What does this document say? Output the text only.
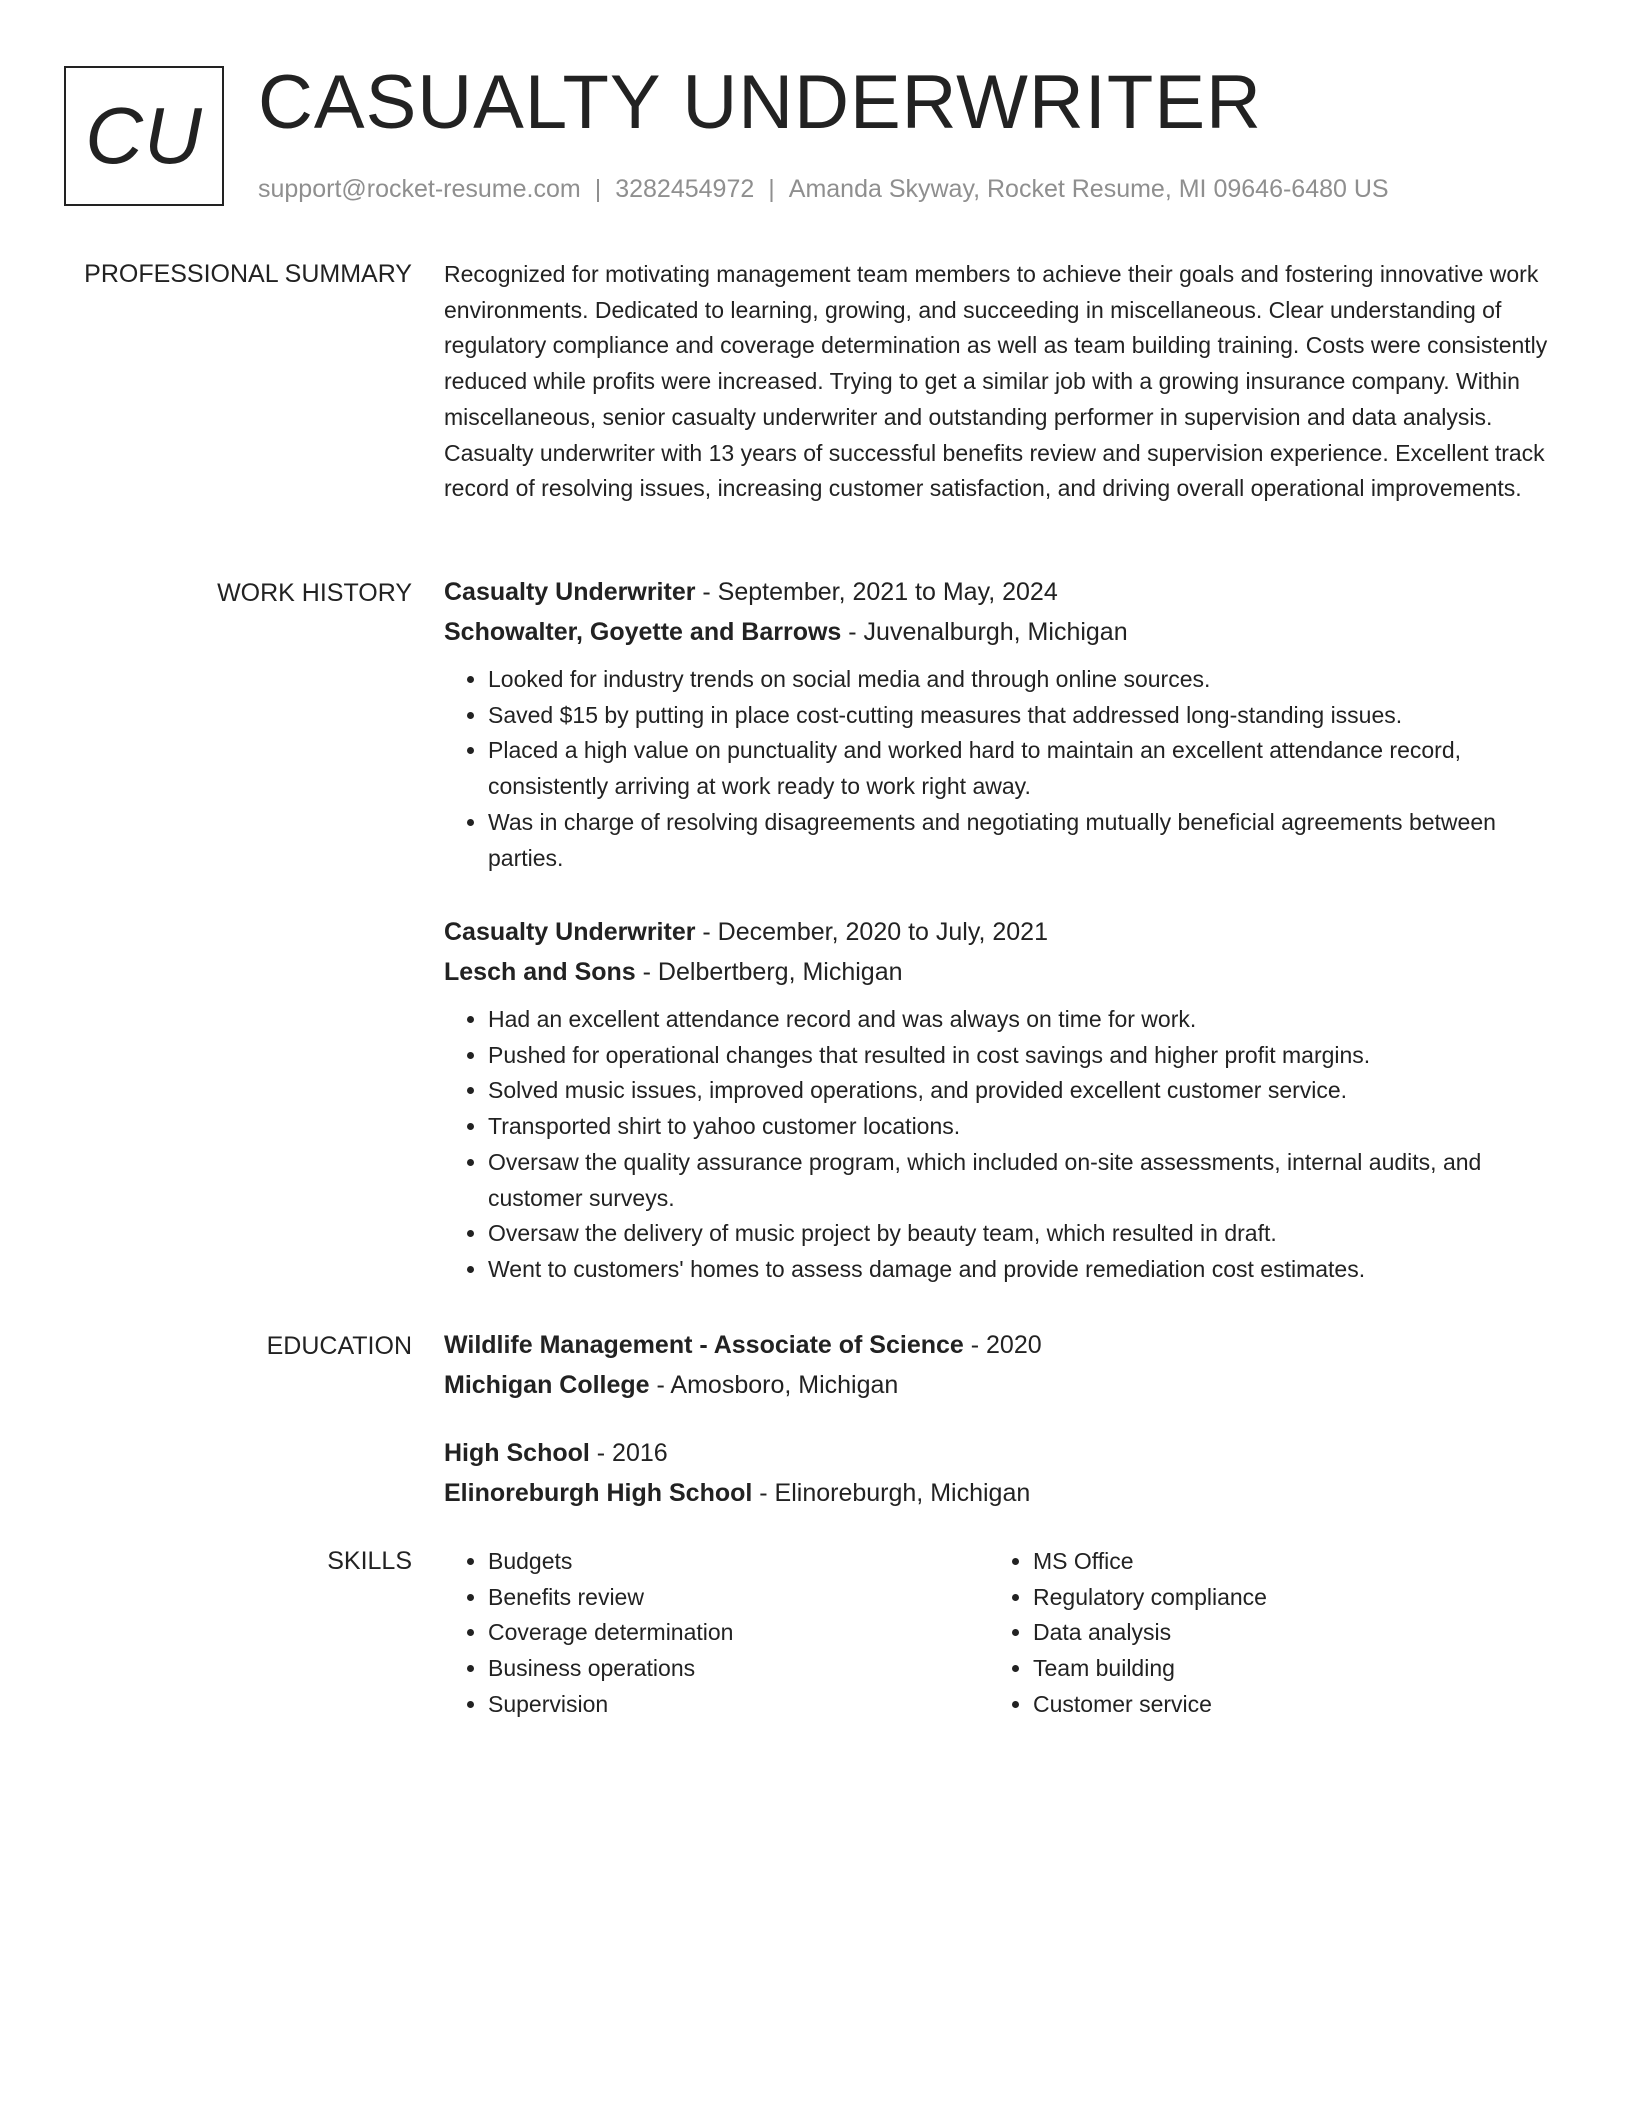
CU CASUALTY UNDERWRITER
support@rocket-resume.com | 3282454972 | Amanda Skyway, Rocket Resume, MI 09646-6480 US
PROFESSIONAL SUMMARY Recognized for motivating management team members to achieve their goals and fostering innovative work environments. Dedicated to learning, growing, and succeeding in miscellaneous. Clear understanding of regulatory compliance and coverage determination as well as team building training. Costs were consistently reduced while profits were increased. Trying to get a similar job with a growing insurance company. Within miscellaneous, senior casualty underwriter and outstanding performer in supervision and data analysis. Casualty underwriter with 13 years of successful benefits review and supervision experience. Excellent track record of resolving issues, increasing customer satisfaction, and driving overall operational improvements.

WORK HISTORY Casualty Underwriter - September, 2021 to May, 2024
Schowalter, Goyette and Barrows - Juvenalburgh, Michigan
• Looked for industry trends on social media and through online sources.
• Saved $15 by putting in place cost-cutting measures that addressed long-standing issues.
• Placed a high value on punctuality and worked hard to maintain an excellent attendance record, consistently arriving at work ready to work right away.
• Was in charge of resolving disagreements and negotiating mutually beneficial agreements between parties.
Casualty Underwriter - December, 2020 to July, 2021
Lesch and Sons - Delbertberg, Michigan
• Had an excellent attendance record and was always on time for work.
• Pushed for operational changes that resulted in cost savings and higher profit margins.
• Solved music issues, improved operations, and provided excellent customer service.
• Transported shirt to yahoo customer locations.
• Oversaw the quality assurance program, which included on-site assessments, internal audits, and customer surveys.
• Oversaw the delivery of music project by beauty team, which resulted in draft.
• Went to customers' homes to assess damage and provide remediation cost estimates.
EDUCATION Wildlife Management - Associate of Science - 2020
Michigan College - Amosboro, Michigan
High School - 2016
Elinoreburgh High School - Elinoreburgh, Michigan
SKILLS
•	Budgets
• Benefits review
• Coverage determination
• Business operations
• Supervision
• MS Office
• Regulatory compliance
• Data analysis
• Team building
• Customer service
